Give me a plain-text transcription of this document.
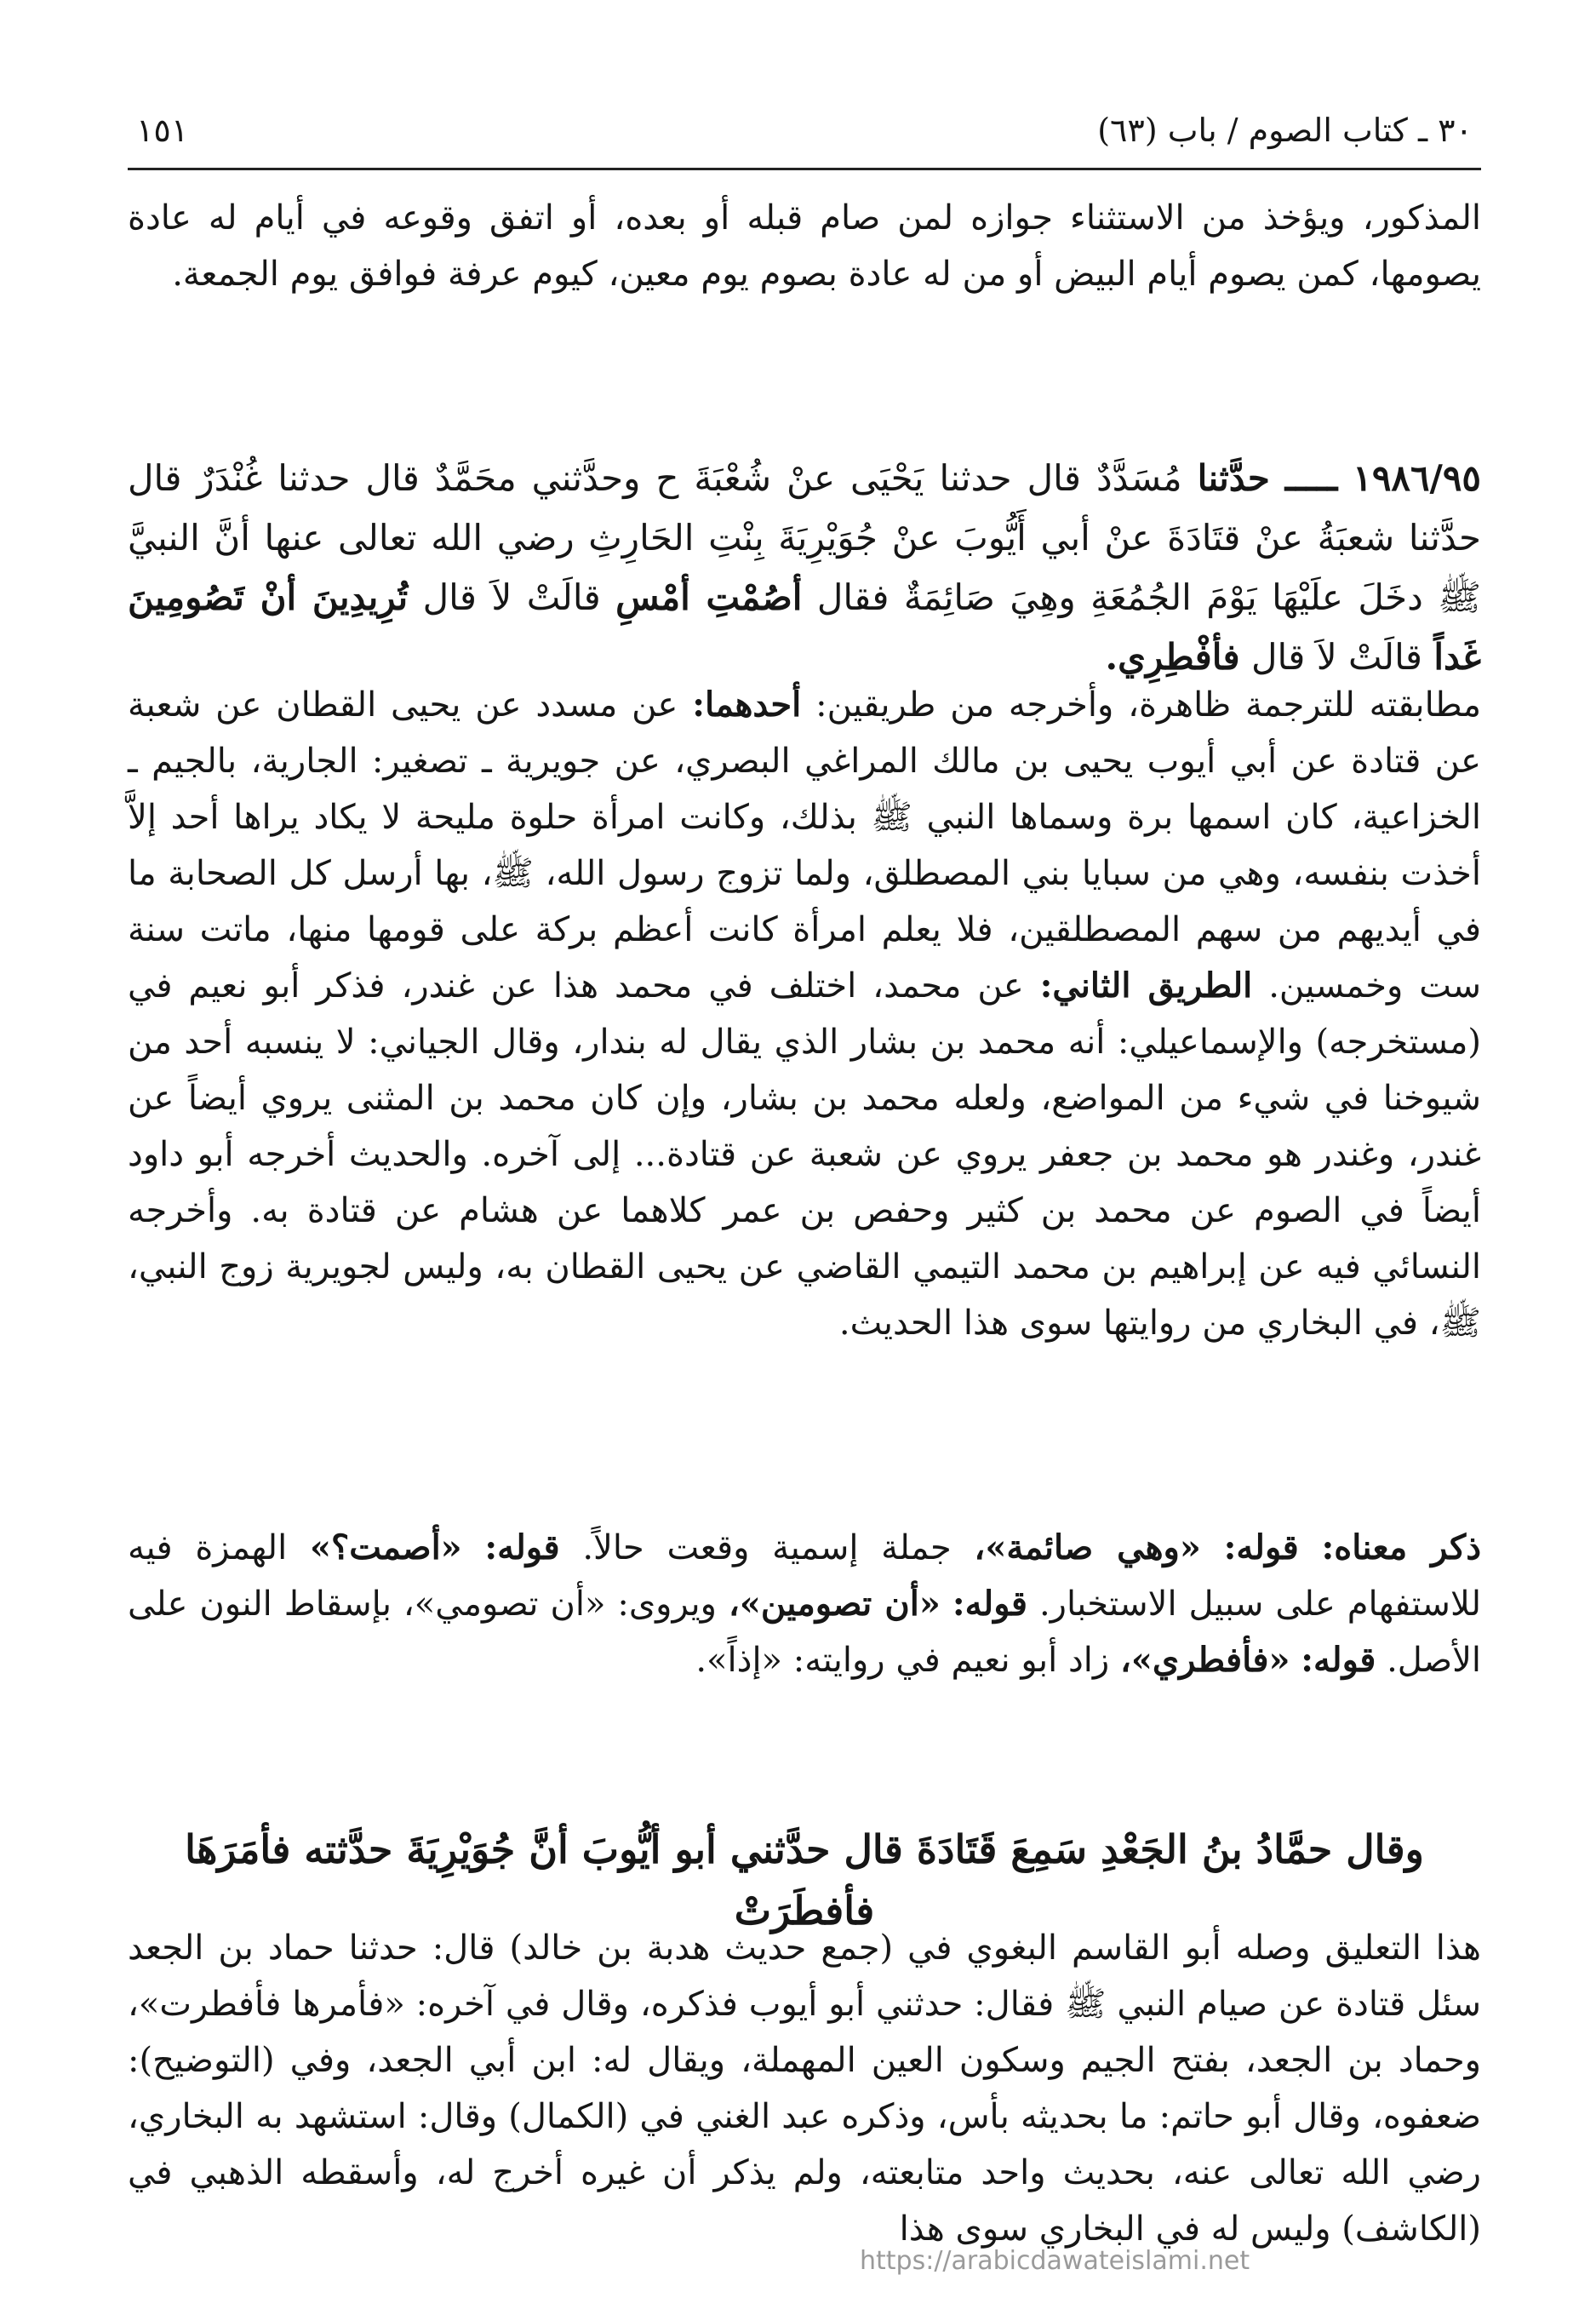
٣٠ ـ كتاب الصوم / باب (٦٣)
١٥١

المذكور، ويؤخذ من الاستثناء جوازه لمن صام قبله أو بعده، أو اتفق وقوعه في أيام له عادة يصومها، كمن يصوم أيام البيض أو من له عادة بصوم يوم معين، كيوم عرفة فوافق يوم الجمعة.

١٩٨٦/٩٥ ـــــ حدَّثنا مُسَدَّدٌ قال حدثنا يَحْيَى عنْ شُعْبَةَ ح وحدَّثني محَمَّدٌ قال حدثنا غُنْدَرٌ قال حدَّثنا شعبَةُ عنْ قتَادَةَ عنْ أبي أَيُّوبَ عنْ جُوَيْرِيَةَ بِنْتِ الحَارِثِ رضي الله تعالى عنها أنَّ النبيَّ ﷺ دخَلَ علَيْهَا يَوْمَ الجُمُعَةِ وهِيَ صَائِمَةٌ فقال أصُمْتِ أمْسِ قالَتْ لاَ قال تُرِيدِينَ أنْ تَصُومِينَ غَداً قالَتْ لاَ قال فأفْطِرِي.

مطابقته للترجمة ظاهرة، وأخرجه من طريقين: أحدهما: عن مسدد عن يحيى القطان عن شعبة عن قتادة عن أبي أيوب يحيى بن مالك المراغي البصري، عن جويرية ـ تصغير: الجارية، بالجيم ـ الخزاعية، كان اسمها برة وسماها النبي ﷺ بذلك، وكانت امرأة حلوة مليحة لا يكاد يراها أحد إلاَّ أخذت بنفسه، وهي من سبايا بني المصطلق، ولما تزوج رسول الله، ﷺ، بها أرسل كل الصحابة ما في أيديهم من سهم المصطلقين، فلا يعلم امرأة كانت أعظم بركة على قومها منها، ماتت سنة ست وخمسين. الطريق الثاني: عن محمد، اختلف في محمد هذا عن غندر، فذكر أبو نعيم في (مستخرجه) والإسماعيلي: أنه محمد بن بشار الذي يقال له بندار، وقال الجياني: لا ينسبه أحد من شيوخنا في شيء من المواضع، ولعله محمد بن بشار، وإن كان محمد بن المثنى يروي أيضاً عن غندر، وغندر هو محمد بن جعفر يروي عن شعبة عن قتادة... إلى آخره. والحديث أخرجه أبو داود أيضاً في الصوم عن محمد بن كثير وحفص بن عمر كلاهما عن هشام عن قتادة به. وأخرجه النسائي فيه عن إبراهيم بن محمد التيمي القاضي عن يحيى القطان به، وليس لجويرية زوج النبي، ﷺ، في البخاري من روايتها سوى هذا الحديث.

ذكر معناه: قوله: «وهي صائمة»، جملة إسمية وقعت حالاً. قوله: «أصمت؟» الهمزة فيه للاستفهام على سبيل الاستخبار. قوله: «أن تصومين»، ويروى: «أن تصومي»، بإسقاط النون على الأصل. قوله: «فأفطري»، زاد أبو نعيم في روايته: «إذاً».

وقال حمَّادُ بنُ الجَعْدِ سَمِعَ قَتَادَةَ قال حدَّثني أبو أيُّوبَ أنَّ جُوَيْرِيَةَ حدَّثته فأمَرَهَا فأفطَرَتْ

هذا التعليق وصله أبو القاسم البغوي في (جمع حديث هدبة بن خالد) قال: حدثنا حماد بن الجعد سئل قتادة عن صيام النبي ﷺ فقال: حدثني أبو أيوب فذكره، وقال في آخره: «فأمرها فأفطرت»، وحماد بن الجعد، بفتح الجيم وسكون العين المهملة، ويقال له: ابن أبي الجعد، وفي (التوضيح): ضعفوه، وقال أبو حاتم: ما بحديثه بأس، وذكره عبد الغني في (الكمال) وقال: استشهد به البخاري، رضي الله تعالى عنه، بحديث واحد متابعته، ولم يذكر أن غيره أخرج له، وأسقطه الذهبي في (الكاشف) وليس له في البخاري سوى هذا

https://arabicdawateislami.net
